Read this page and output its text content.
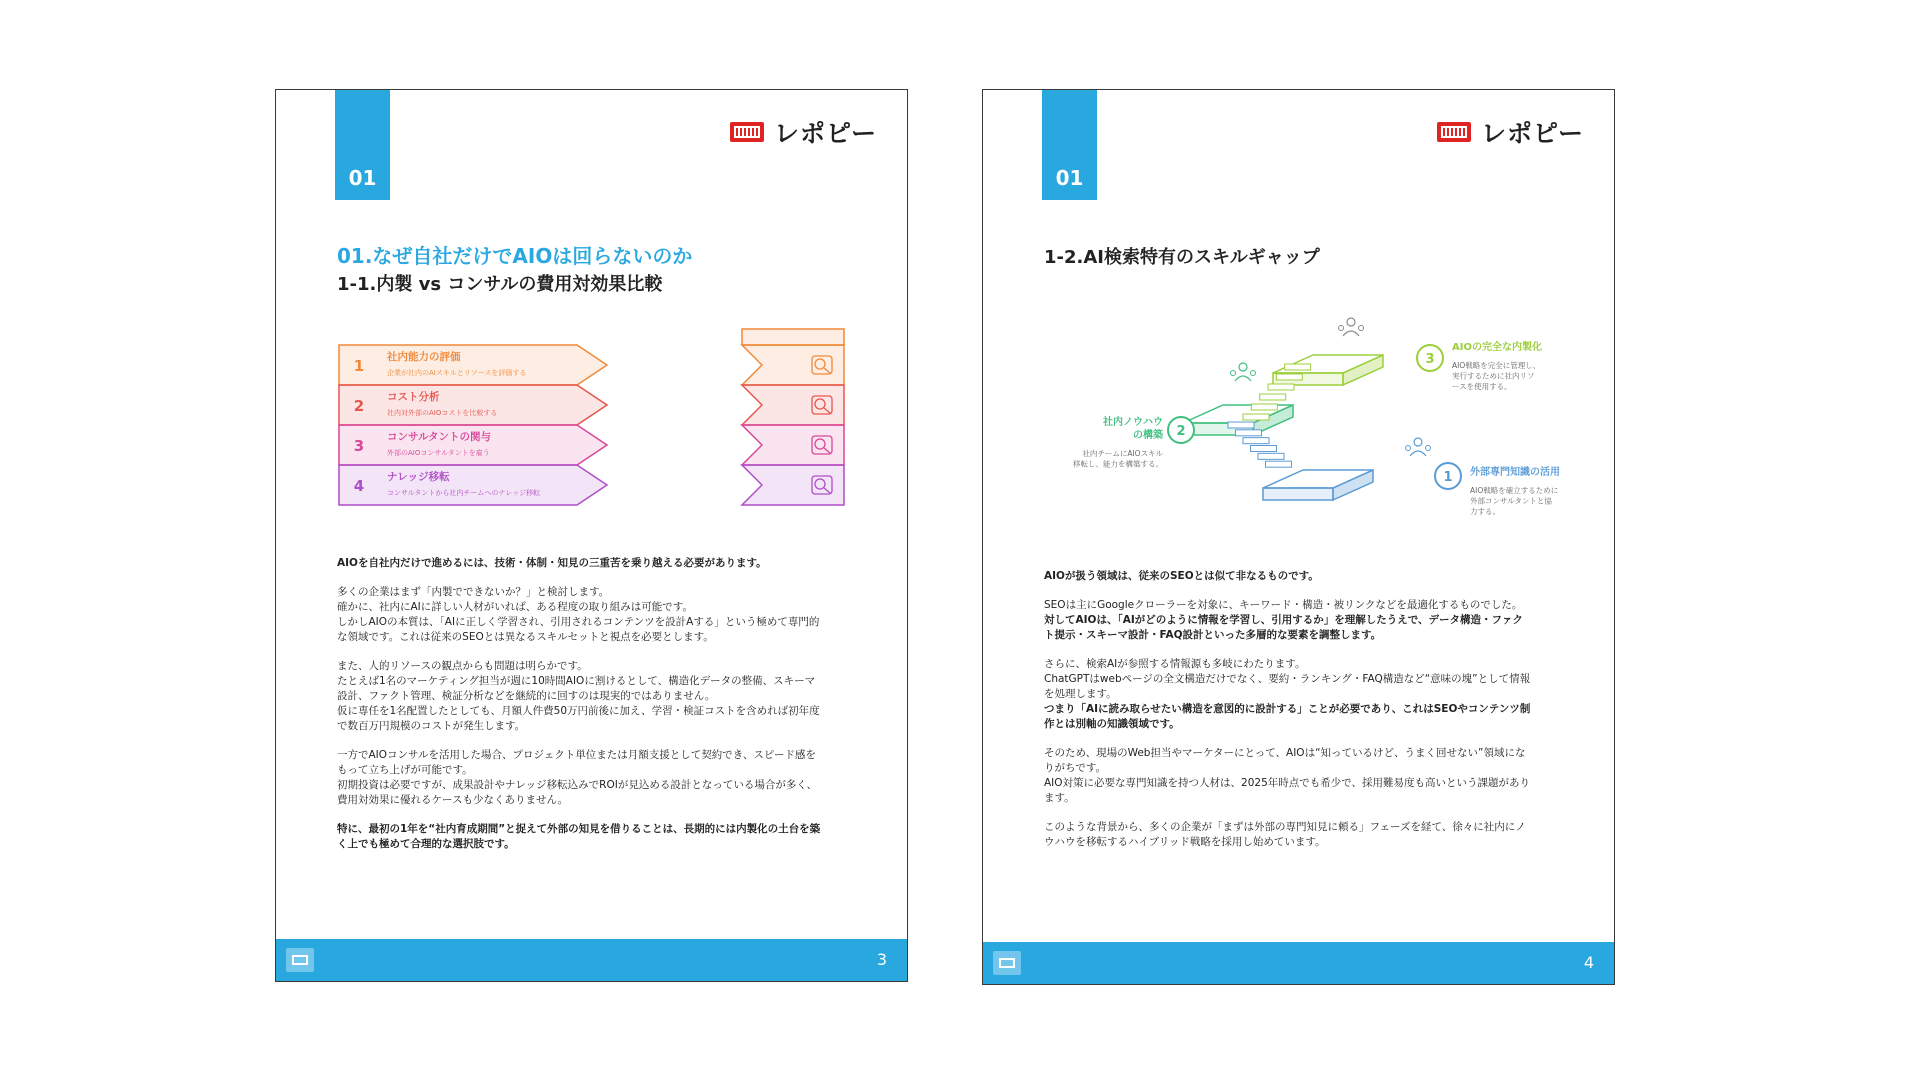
01
レポピー
01.なぜ自社だけでAIOは回らないのか
1-1.内製 vs コンサルの費用対効果比較
1 社内能力の評価
企業が社内のAIスキルとリソースを評価する
2 コスト分析
社内対外部のAIOコストを比較する
3 コンサルタントの関与
外部のAIOコンサルタントを雇う
4 ナレッジ移転
コンサルタントから社内チームへのナレッジ移転

AIOを自社内だけで進めるには、技術・体制・知見の三重苦を乗り越える必要があります。

多くの企業はまず「内製でできないか？」と検討します。
確かに、社内にAIに詳しい人材がいれば、ある程度の取り組みは可能です。
しかしAIOの本質は、「AIに正しく学習され、引用されるコンテンツを設計Aする」という極めて専門的
な領域です。これは従来のSEOとは異なるスキルセットと視点を必要とします。

また、人的リソースの観点からも問題は明らかです。
たとえば1名のマーケティング担当が週に10時間AIOに割けるとして、構造化データの整備、スキーマ
設計、ファクト管理、検証分析などを継続的に回すのは現実的ではありません。
仮に専任を1名配置したとしても、月額人件費50万円前後に加え、学習・検証コストを含めれば初年度
で数百万円規模のコストが発生します。

一方でAIOコンサルを活用した場合、プロジェクト単位または月額支援として契約でき、スピード感を
もって立ち上げが可能です。
初期投資は必要ですが、成果設計やナレッジ移転込みでROIが見込める設計となっている場合が多く、
費用対効果に優れるケースも少なくありません。

特に、最初の1年を“社内育成期間”と捉えて外部の知見を借りることは、長期的には内製化の土台を築
く上でも極めて合理的な選択肢です。

3
01
レポピー
1-2.AI検索特有のスキルギャップ
1
2
3
外部専門知識の活用
AIO戦略を確立するために
外部コンサルタントと協
力する。
社内ノウハウ
の構築
社内チームにAIOスキル
移転し、能力を構築する。
AIOの完全な内製化
AIO戦略を完全に管理し、
実行するために社内リソ
ースを使用する。

AIOが扱う領域は、従来のSEOとは似て非なるものです。

SEOは主にGoogleクローラーを対象に、キーワード・構造・被リンクなどを最適化するものでした。
対してAIOは、「AIがどのように情報を学習し、引用するか」を理解したうえで、データ構造・ファク
ト提示・スキーマ設計・FAQ設計といった多層的な要素を調整します。

さらに、検索AIが参照する情報源も多岐にわたります。
ChatGPTはwebページの全文構造だけでなく、要約・ランキング・FAQ構造など“意味の塊”として情報
を処理します。
つまり「AIに読み取らせたい構造を意図的に設計する」ことが必要であり、これはSEOやコンテンツ制
作とは別軸の知識領域です。

そのため、現場のWeb担当やマーケターにとって、AIOは“知っているけど、うまく回せない”領域にな
りがちです。
AIO対策に必要な専門知識を持つ人材は、2025年時点でも希少で、採用難易度も高いという課題があり
ます。

このような背景から、多くの企業が「まずは外部の専門知見に頼る」フェーズを経て、徐々に社内にノ
ウハウを移転するハイブリッド戦略を採用し始めています。

4
